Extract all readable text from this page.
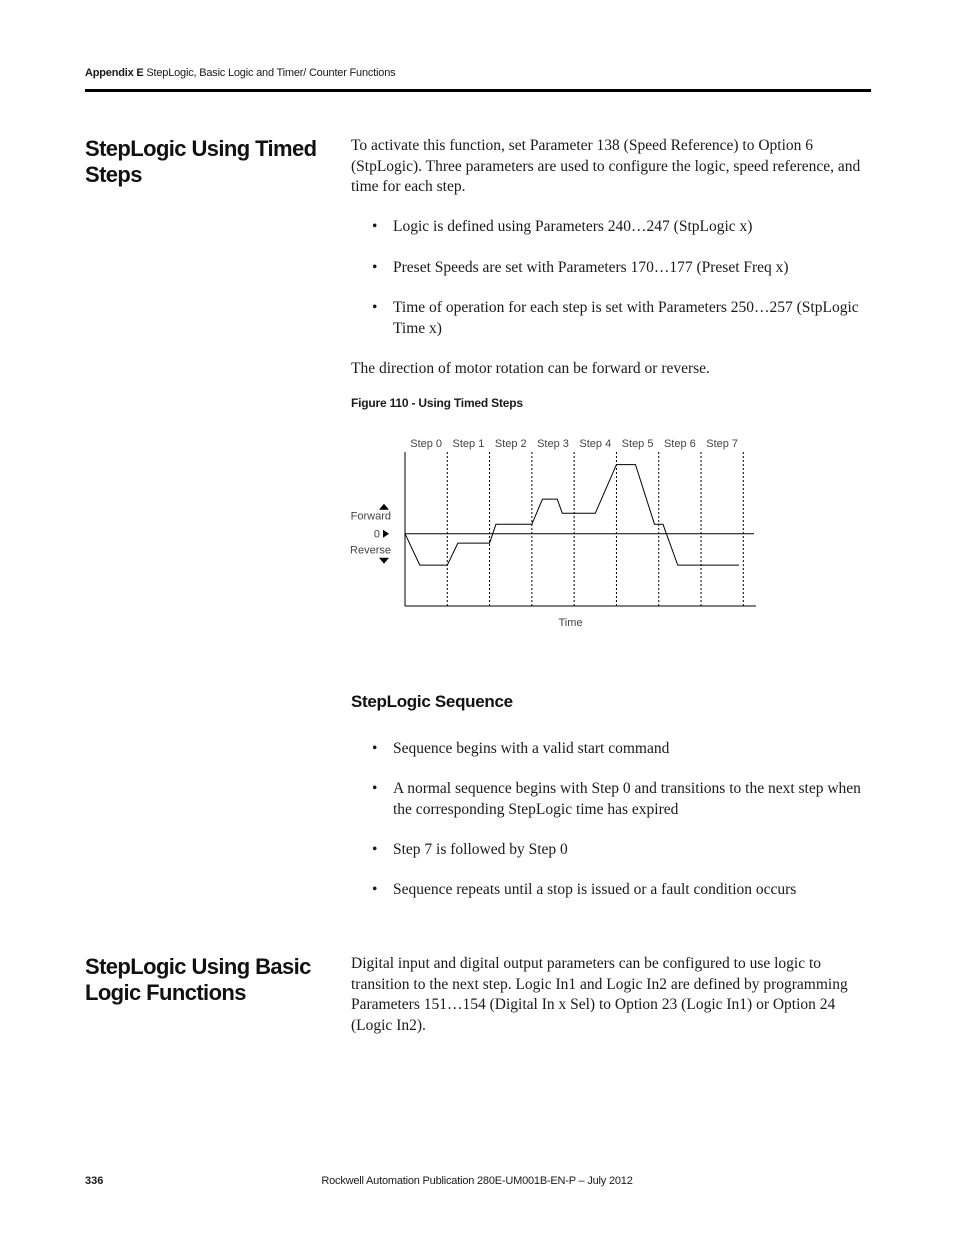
Appendix E StepLogic, Basic Logic and Timer/ Counter Functions
StepLogic Using Timed Steps

To activate this function, set Parameter 138 (Speed Reference) to Option 6 (StpLogic). Three parameters are used to configure the logic, speed reference, and time for each step.

• Logic is defined using Parameters 240…247 (StpLogic x)
• Preset Speeds are set with Parameters 170…177 (Preset Freq x)
• Time of operation for each step is set with Parameters 250…257 (StpLogic Time x)

The direction of motor rotation can be forward or reverse.

Figure 110 - Using Timed Steps
Step 0 Step 1 Step 2 Step 3 Step 4 Step 5 Step 6 Step 7
Forward
0
Reverse
Time
StepLogic Sequence
• Sequence begins with a valid start command
• A normal sequence begins with Step 0 and transitions to the next step when the corresponding StepLogic time has expired
• Step 7 is followed by Step 0
• Sequence repeats until a stop is issued or a fault condition occurs
StepLogic Using Basic Logic Functions

Digital input and digital output parameters can be configured to use logic to transition to the next step. Logic In1 and Logic In2 are defined by programming Parameters 151…154 (Digital In x Sel) to Option 23 (Logic In1) or Option 24 (Logic In2).

336	Rockwell Automation Publication 280E-UM001B-EN-P – July 2012
